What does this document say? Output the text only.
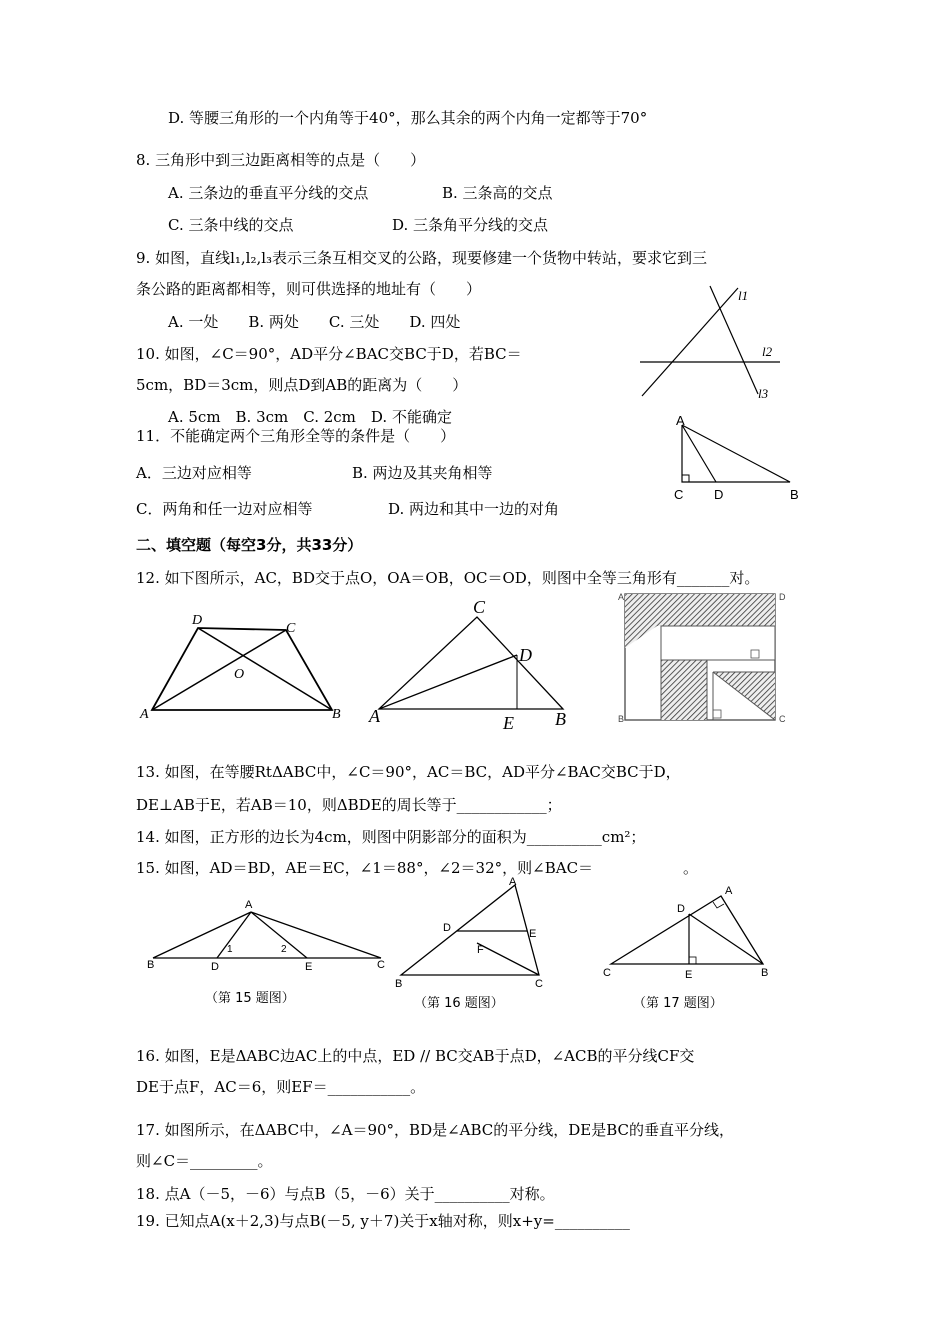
D. 等腰三角形的一个内角等于40°，那么其余的两个内角一定都等于70°
8. 三角形中到三边距离相等的点是（　　）
A. 三条边的垂直平分线的交点	B. 三条高的交点
C. 三条中线的交点	D. 三条角平分线的交点
9. 如图，直线l₁,l₂,l₃表示三条互相交叉的公路，现要修建一个货物中转站，要求它到三
条公路的距离都相等，则可供选择的地址有（　　）
A. 一处　　B. 两处　　C. 三处　　D. 四处
10. 如图，∠C＝90°，AD平分∠BAC交BC于D，若BC＝
5cm，BD＝3cm，则点D到AB的距离为（　　）
A. 5cm　B. 3cm　C. 2cm　D. 不能确定
11．不能确定两个三角形全等的条件是（　　）
A．三边对应相等	B. 两边及其夹角相等
C．两角和任一边对应相等	D. 两边和其中一边的对角
二、填空题（每空3分，共33分）
12. 如下图所示，AC，BD交于点O，OA＝OB，OC＝OD，则图中全等三角形有_______对。
l1
l2
l3
A
C D	B
D
C
O
A	B
C
D
A	E B
A	D
B	C
13. 如图，在等腰RtΔABC中，∠C＝90°，AC＝BC，AD平分∠BAC交BC于D，
DE⊥AB于E，若AB＝10，则ΔBDE的周长等于____________；
14. 如图，正方形的边长为4cm，则图中阴影部分的面积为__________cm²；
15. 如图，AD＝BD，AE＝EC，∠1＝88°，∠2＝32°，则∠BAC＝　　　　　　。
A
B	D	E	C
1	2
A
D	E
F
B	C
A
D
C	E	B
（第 15 题图）	（第 16 题图）	（第 17 题图）
16. 如图，E是ΔABC边AC上的中点，ED // BC交AB于点D，∠ACB的平分线CF交
DE于点F，AC＝6，则EF＝___________。
17. 如图所示，在ΔABC中，∠A＝90°，BD是∠ABC的平分线，DE是BC的垂直平分线，
则∠C＝_________。
18. 点A（－5，－6）与点B（5，－6）关于__________对称。
19. 已知点A(x＋2,3)与点B(－5, y＋7)关于x轴对称，则x+y=__________
